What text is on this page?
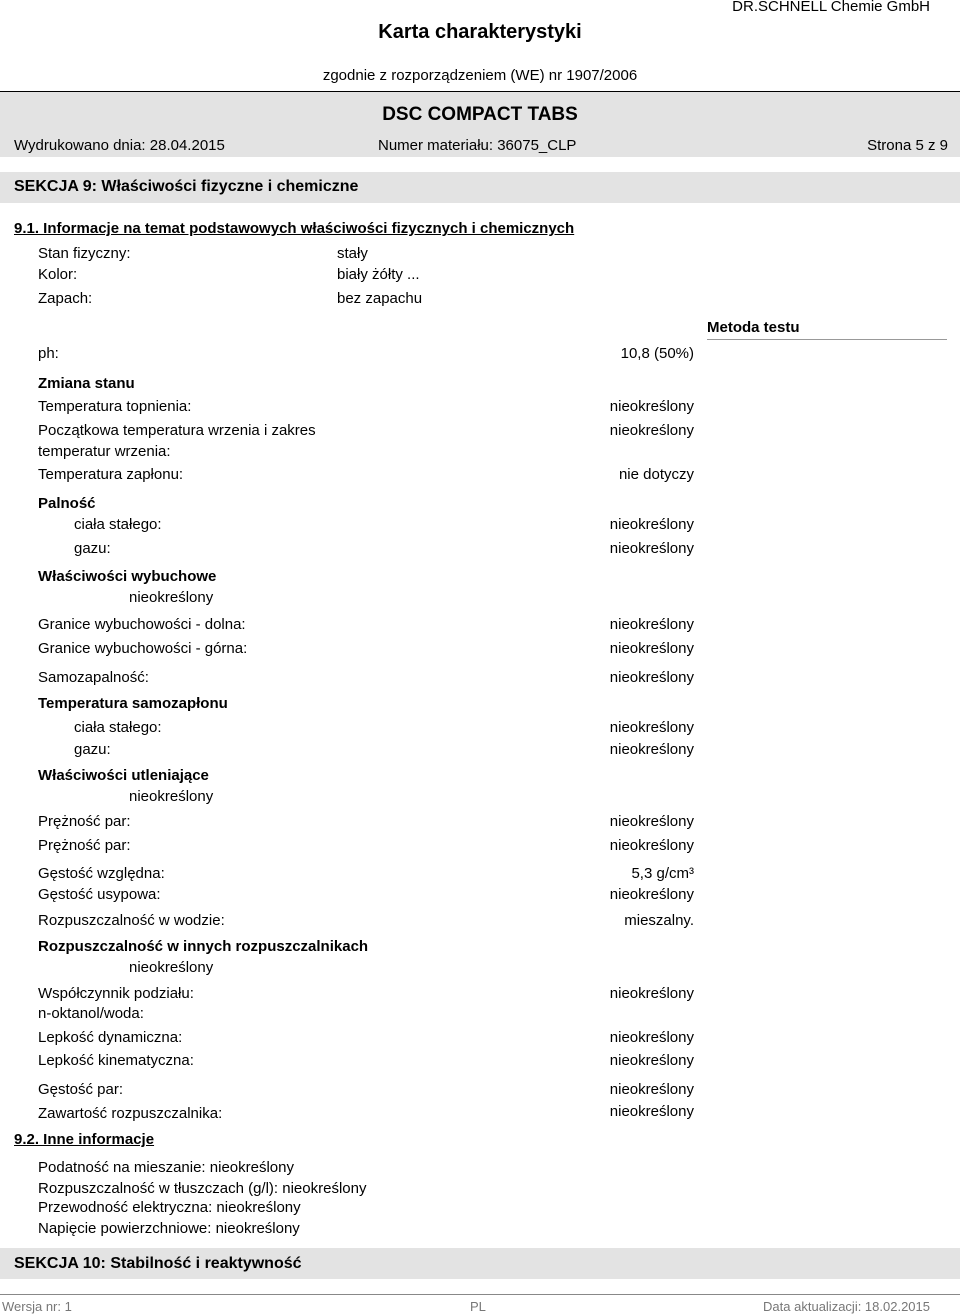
Karta charakterystyki
DR.SCHNELL Chemie GmbH
zgodnie z rozporządzeniem (WE) nr 1907/2006
DSC COMPACT TABS
Wydrukowano dnia: 28.04.2015	Numer materiału: 36075_CLP	Strona 5 z 9
SEKCJA 9: Właściwości fizyczne i chemiczne
9.1. Informacje na temat podstawowych właściwości fizycznych i chemicznych
Stan fizyczny:	stały
Kolor:	biały żółty ...
Zapach:	bez zapachu
Metoda testu
ph:	10,8 (50%)
Zmiana stanu
Temperatura topnienia:	nieokreślony
Początkowa temperatura wrzenia i zakres
temperatur wrzenia:
nieokreślony
Temperatura zapłonu:	nie dotyczy
Palność
ciała stałego:	nieokreślony
gazu:	nieokreślony
Właściwości wybuchowe
nieokreślony
Granice wybuchowości - dolna:	nieokreślony
Granice wybuchowości - górna:	nieokreślony
Samozapalność:	nieokreślony
Temperatura samozapłonu
ciała stałego:	nieokreślony
gazu:	nieokreślony
Właściwości utleniające
nieokreślony
Prężność par:	nieokreślony
Prężność par:	nieokreślony
Gęstość względna:	5,3 g/cm³
Gęstość usypowa:	nieokreślony
Rozpuszczalność w wodzie:	mieszalny.
Rozpuszczalność w innych rozpuszczalnikach
nieokreślony
Współczynnik podziału:
n-oktanol/woda:
nieokreślony
Lepkość dynamiczna:	nieokreślony
Lepkość kinematyczna:	nieokreślony
Gęstość par:	nieokreślony
Zawartość rozpuszczalnika:	nieokreślony
9.2. Inne informacje
Podatność na mieszanie: nieokreślony
Rozpuszczalność w tłuszczach (g/l): nieokreślony
Przewodność elektryczna: nieokreślony
Napięcie powierzchniowe: nieokreślony
SEKCJA 10: Stabilność i reaktywność
Wersja nr: 1	PL	Data aktualizacji: 18.02.2015
